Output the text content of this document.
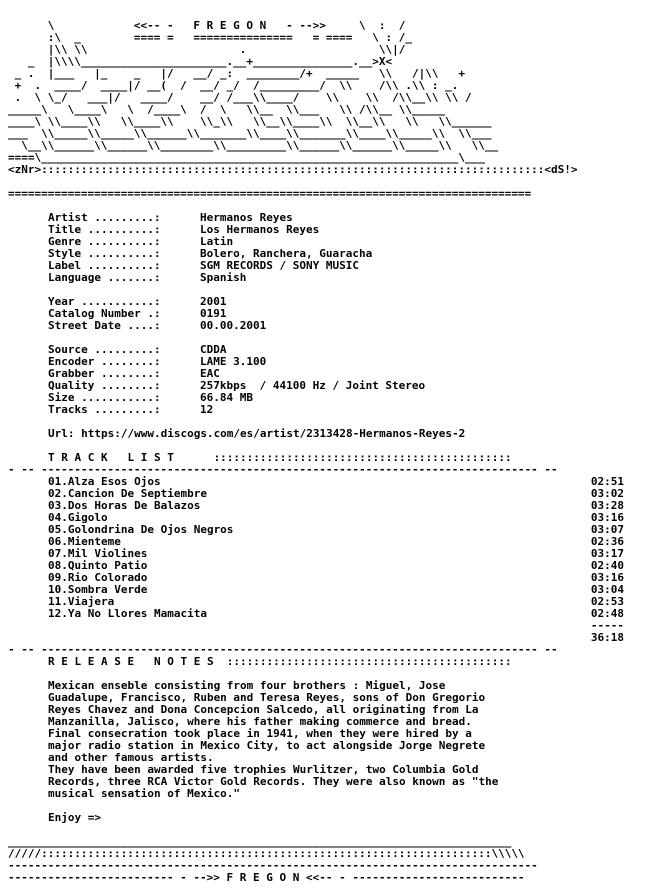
\            <<-- -   F R E G O N   - -->>     \  :  /
:\  _        ==== =   ===============   = ====   \ : /_
|\\ \\                       .                    \\|/
_  |\\\\______________________.__+_______________.__>X<
_ .  |___   |_    _   |/   __/ _:  ________/+  _____   \\   /|\\   +
+  .  ____/  ____|/ __(  /  __/ _/  /_________/  \\    /\\ .\\ : _.
.  \ \_/   ___|/   ____/    __/ /___\\____/    \\    \\  /\\__\\ \\ /
_____\   \____\   \  /____\  /  \   \\__  \\___   \\ /\\__ \\_____
____\ \\____\\   \\____\\    \\_\\   \\__\\____\\  \\__\\   \\   \\______
___  \\_____\\_____\\______\\_______\\____\\_______\\____\\_____\\  \\___
\__\\______\\______\\________\\_________\\______\\______\\_____\\   \\__
====\_______________________________________________________________\___
<zNr>::::::::::::::::::::::::::::::::::::::::::::::::::::::::::::::::::::::::::::<dS!>
===============================================================================
Artist .........:	Hermanos Reyes
Title ..........:	Los Hermanos Reyes
Genre ..........:	Latin
Style ..........:	Bolero, Ranchera, Guaracha
Label ..........:	SGM RECORDS / SONY MUSIC
Language .......:	Spanish
Year ...........:	2001
Catalog Number .:	0191
Street Date ....:	00.00.2001
Source .........:	CDDA
Encoder ........:	LAME 3.100
Grabber ........:	EAC
Quality ........:	257kbps  / 44100 Hz / Joint Stereo
Size ...........:	66.84 MB
Tracks .........:	12
Url: https://www.discogs.com/es/artist/2313428-Hermanos-Reyes-2
T R A C K   L I S T      :::::::::::::::::::::::::::::::::::::::::::::
- -- --------------------------------------------------------------------------- --
01.Alza Esos Ojos	02:51
02.Cancion De Septiembre	03:02
03.Dos Horas De Balazos	03:28
04.Gigolo	03:16
05.Golondrina De Ojos Negros	03:07
06.Mienteme	02:36
07.Mil Violines	03:17
08.Quinto Patio	02:40
09.Rio Colorado	03:16
10.Sombra Verde	03:04
11.Viajera	02:53
12.Ya No Llores Mamacita	02:48
-----
36:18
- -- --------------------------------------------------------------------------- --
R E L E A S E   N O T E S  :::::::::::::::::::::::::::::::::::::::::::
Mexican enseble consisting from four brothers : Miguel, Jose
Guadalupe, Francisco, Ruben and Teresa Reyes, sons of Don Gregorio
Reyes Chavez and Dona Concepcion Salcedo, all originating from La
Manzanilla, Jalisco, where his father making commerce and bread.
Final consecration took place in 1941, when they were hired by a
major radio station in Mexico City, to act alongside Jorge Negrete
and other famous artists.
They have been awarded five trophies Wurlitzer, two Columbia Gold
Records, three RCA Victor Gold Records. They were also known as "the
musical sensation of Mexico."
Enjoy =>
____________________________________________________________________________
/////::::::::::::::::::::::::::::::::::::::::::::::::::::::::::::::::::::\\\\\
--------------------------------------------------------------------------------
------------------------- - -->> F R E G O N <<-- - --------------------------
